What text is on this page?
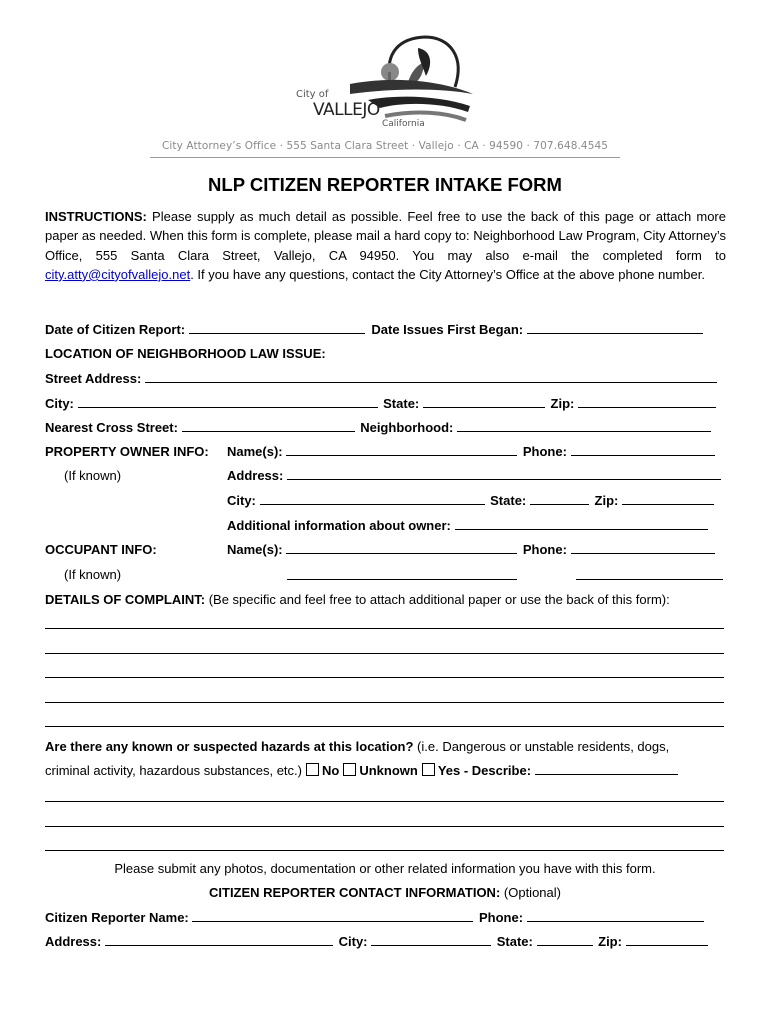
City of
VALLEJO
California
City Attorney’s Office · 555 Santa Clara Street · Vallejo · CA · 94590 · 707.648.4545
NLP CITIZEN REPORTER INTAKE FORM
INSTRUCTIONS: Please supply as much detail as possible. Feel free to use the back of this page or attach more paper as needed. When this form is complete, please mail a hard copy to: Neighborhood Law Program, City Attorney’s Office, 555 Santa Clara Street, Vallejo, CA 94950. You may also e-mail the completed form to city.atty@cityofvallejo.net. If you have any questions, contact the City Attorney’s Office at the above phone number.
Date of Citizen Report:	Date Issues First Began:
LOCATION OF NEIGHBORHOOD LAW ISSUE:
Street Address:
City:	State:	Zip:
Nearest Cross Street:	Neighborhood:
PROPERTY OWNER INFO: Name(s):	Phone:
(If known)	Address:
City:	State:	Zip:
Additional information about owner:
OCCUPANT INFO:	Name(s):	Phone:
(If known)
DETAILS OF COMPLAINT: (Be specific and feel free to attach additional paper or use the back of this form):
Are there any known or suspected hazards at this location? (i.e. Dangerous or unstable residents, dogs,
criminal activity, hazardous substances, etc.) No Unknown Yes - Describe:
Please submit any photos, documentation or other related information you have with this form.
CITIZEN REPORTER CONTACT INFORMATION: (Optional)
Citizen Reporter Name:	Phone:
Address:	City:	State:	Zip:
